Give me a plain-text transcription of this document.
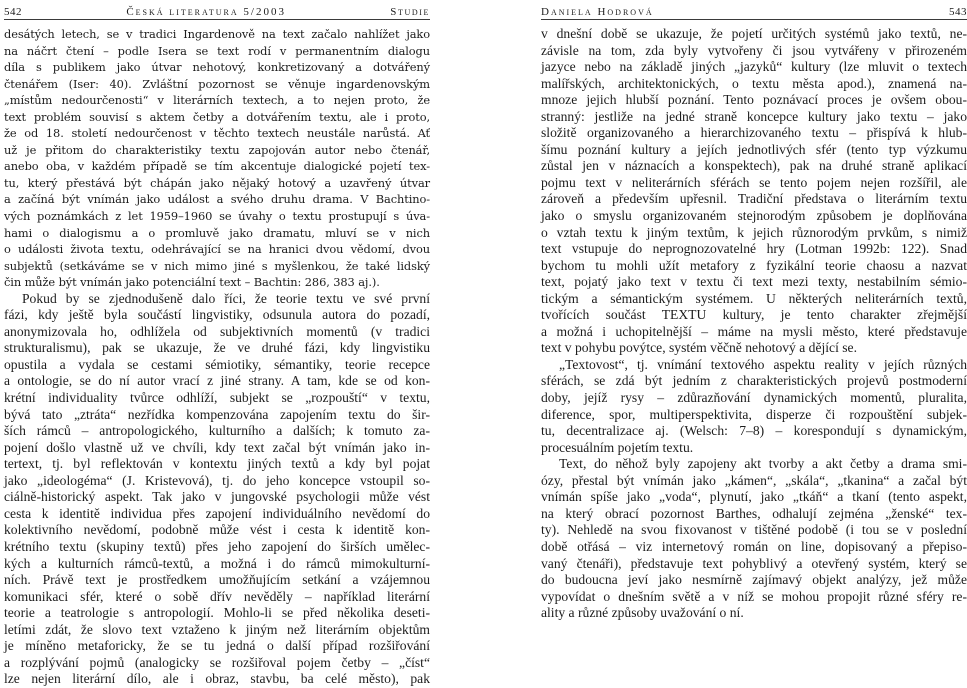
542	Česká literatura 5/2003	Studie

desátých letech, se v tradici Ingardenově na text začalo nahlížet jako

na náčrt čtení – podle Isera se text rodí v permanentním dialogu

díla s publikem jako útvar nehotový, konkretizovaný a dotvářený

čtenářem (Iser: 40). Zvláštní pozornost se věnuje ingardenovským

„místům nedourčenosti“ v literárních textech, a to nejen proto, že

text problém souvisí s aktem četby a dotvářením textu, ale i proto,

že od 18. století nedourčenost v těchto textech neustále narůstá. Ať

už je přitom do charakteristiky textu zapojován autor nebo čtenář,

anebo oba, v každém případě se tím akcentuje dialogické pojetí tex-

tu, který přestává být chápán jako nějaký hotový a uzavřený útvar

a začíná být vnímán jako událost a svého druhu drama. V Bachtino-

vých poznámkách z let 1959–1960 se úvahy o textu prostupují s úva-

hami o dialogismu a o promluvě jako dramatu, mluví se v nich

o události života textu, odehrávající se na hranici dvou vědomí, dvou

subjektů (setkáváme se v nich mimo jiné s myšlenkou, že také lidský

čin může být vnímán jako potenciální text – Bachtin: 286, 383 aj.).

Pokud by se zjednodušeně dalo říci, že teorie textu ve své první

fázi, kdy ještě byla součástí lingvistiky, odsunula autora do pozadí,

anonymizovala ho, odhlížela od subjektivních momentů (v tradici

strukturalismu), pak se ukazuje, že ve druhé fázi, kdy lingvistiku

opustila a vydala se cestami sémiotiky, sémantiky, teorie recepce

a ontologie, se do ní autor vrací z jiné strany. A tam, kde se od kon-

krétní individuality tvůrce odhlíží, subjekt se „rozpouští“ v textu,

bývá tato „ztráta“ nezřídka kompenzována zapojením textu do šir-

ších rámců – antropologického, kulturního a dalších; k tomuto za-

pojení došlo vlastně už ve chvíli, kdy text začal být vnímán jako in-

tertext, tj. byl reflektován v kontextu jiných textů a kdy byl pojat

jako „ideologéma“ (J. Kristevová), tj. do jeho koncepce vstoupil so-

ciálně-historický aspekt. Tak jako v jungovské psychologii může vést

cesta k identitě individua přes zapojení individuálního nevědomí do

kolektivního nevědomí, podobně může vést i cesta k identitě kon-

krétního textu (skupiny textů) přes jeho zapojení do širších umělec-

kých a kulturních rámců-textů, a možná i do rámců mimokulturní-

ních. Právě text je prostředkem umožňujícím setkání a vzájemnou

komunikaci sfér, které o sobě dřív nevěděly – například literární

teorie a teatrologie s antropologií. Mohlo-li se před několika deseti-

letími zdát, že slovo text vztaženo k jiným než literárním objektům

je míněno metaforicky, že se tu jedná o další případ rozšiřování

a rozplývání pojmů (analogicky se rozšiřoval pojem četby – „číst“

lze nejen literární dílo, ale i obraz, stavbu, ba celé město), pak

Daniela Hodrová	543

v dnešní době se ukazuje, že pojetí určitých systémů jako textů, ne-

závisle na tom, zda byly vytvořeny či jsou vytvářeny v přirozeném

jazyce nebo na základě jiných „jazyků“ kultury (lze mluvit o textech

malířských, architektonických, o textu města apod.), znamená na-

mnoze jejich hlubší poznání. Tento poznávací proces je ovšem obou-

stranný: jestliže na jedné straně koncepce kultury jako textu – jako

složitě organizovaného a hierarchizovaného textu – přispívá k hlub-

šímu poznání kultury a jejích jednotlivých sfér (tento typ výzkumu

zůstal jen v náznacích a konspektech), pak na druhé straně aplikací

pojmu text v neliterárních sférách se tento pojem nejen rozšířil, ale

zároveň a především upřesnil. Tradiční představa o literárním textu

jako o smyslu organizovaném stejnorodým způsobem je doplňována

o vztah textu k jiným textům, k jejich různorodým prvkům, s nimiž

text vstupuje do neprognozovatelné hry (Lotman 1992b: 122). Snad

bychom tu mohli užít metafory z fyzikální teorie chaosu a nazvat

text, pojatý jako text v textu či text mezi texty, nestabilním sémio-

tickým a sémantickým systémem. U některých neliterárních textů,

tvořících součást TEXTU kultury, je tento charakter zřejmější

a možná i uchopitelnější – máme na mysli město, které představuje

text v pohybu povýtce, systém věčně nehotový a dějící se.

„Textovost“, tj. vnímání textového aspektu reality v jejích různých

sférách, se zdá být jedním z charakteristických projevů postmoderní

doby, jejíž rysy – zdůrazňování dynamických momentů, pluralita,

diference, spor, multiperspektivita, disperze či rozpouštění subjek-

tu, decentralizace aj. (Welsch: 7–8) – korespondují s dynamickým,

procesuálním pojetím textu.

Text, do něhož byly zapojeny akt tvorby a akt četby a drama smi-

ózy, přestal být vnímán jako „kámen“, „skála“, „tkanina“ a začal být

vnímán spíše jako „voda“, plynutí, jako „tkáň“ a tkaní (tento aspekt,

na který obrací pozornost Barthes, odhalují zejména „ženské“ tex-

ty). Nehledě na svou fixovanost v tištěné podobě (i tou se v poslední

době otřásá – viz internetový román on line, dopisovaný a přepiso-

vaný čtenáři), představuje text pohyblivý a otevřený systém, který se

do budoucna jeví jako nesmírně zajímavý objekt analýzy, jež může

vypovídat o dnešním světě a v níž se mohou propojit různé sféry re-

ality a různé způsoby uvažování o ní.
